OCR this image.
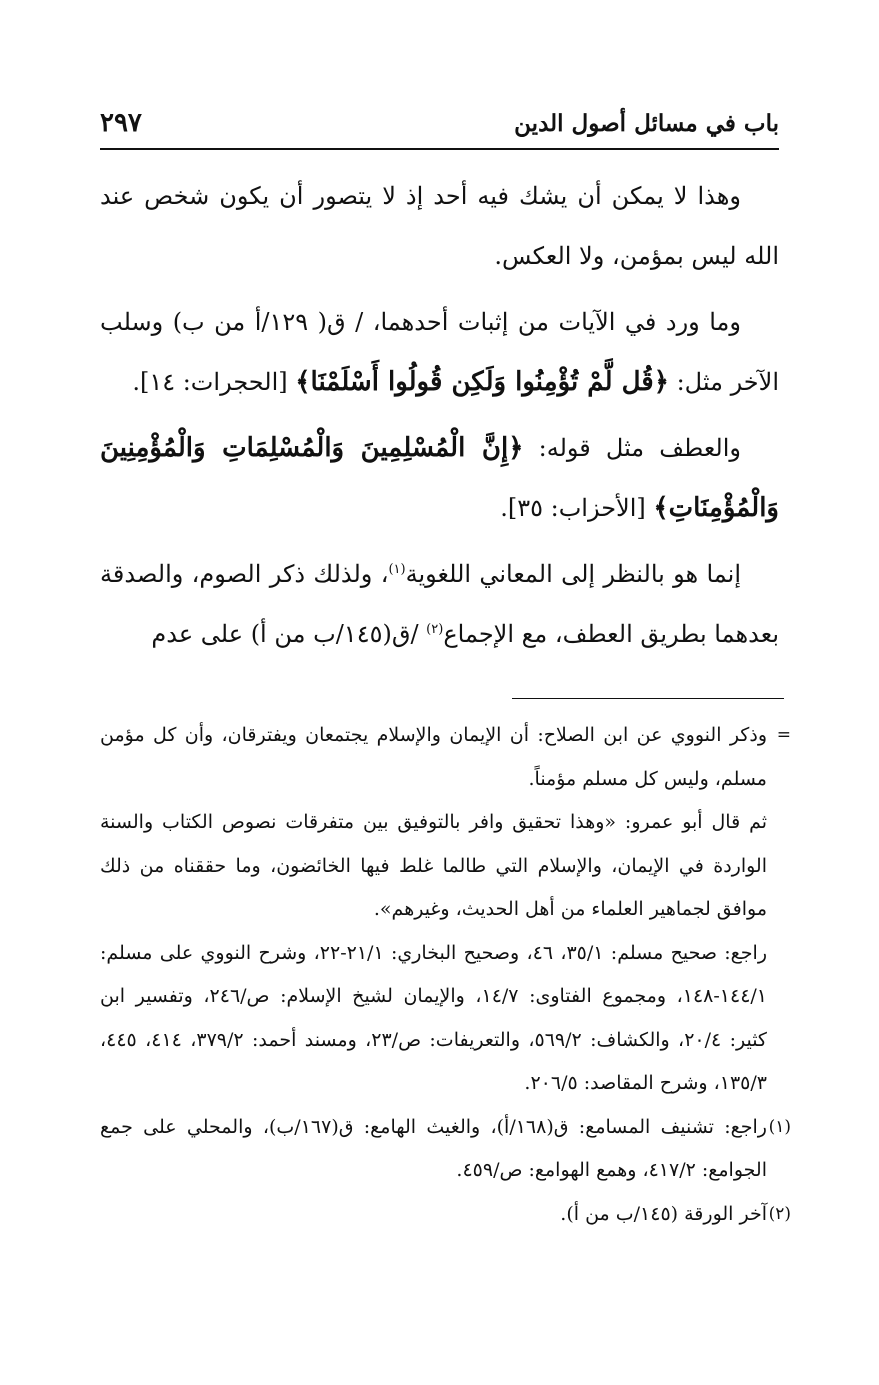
باب في مسائل أصول الدين
٢٩٧

وهذا لا يمكن أن يشك فيه أحد إذ لا يتصور أن يكون شخص عند الله ليس بمؤمن، ولا العكس.

وما ورد في الآيات من إثبات أحدهما، / ق( ١٢٩/أ من ب) وسلب الآخر مثل: ﴿قُل لَّمْ تُؤْمِنُوا وَلَكِن قُولُوا أَسْلَمْنَا﴾ [الحجرات: ١٤].

والعطف مثل قوله: ﴿إِنَّ الْمُسْلِمِينَ وَالْمُسْلِمَاتِ وَالْمُؤْمِنِينَ وَالْمُؤْمِنَاتِ﴾ [الأحزاب: ٣٥].

إنما هو بالنظر إلى المعاني اللغوية$^{(١)}$، ولذلك ذكر الصوم، والصدقة بعدهما بطريق العطف، مع الإجماع$^{(٢)}$ /ق(١٤٥/ب من أ) على عدم

=
وذكر النووي عن ابن الصلاح: أن الإيمان والإسلام يجتمعان ويفترقان، وأن كل مؤمن مسلم، وليس كل مسلم مؤمناً.

ثم قال أبو عمرو: «وهذا تحقيق وافر بالتوفيق بين متفرقات نصوص الكتاب والسنة الواردة في الإيمان، والإسلام التي طالما غلط فيها الخائضون، وما حققناه من ذلك موافق لجماهير العلماء من أهل الحديث، وغيرهم».

راجع: صحيح مسلم: ٣٥/١، ٤٦، وصحيح البخاري: ٢١/١-٢٢، وشرح النووي على مسلم: ١٤٤/١-١٤٨، ومجموع الفتاوى: ١٤/٧، والإيمان لشيخ الإسلام: ص/٢٤٦، وتفسير ابن كثير: ٢٠/٤، والكشاف: ٥٦٩/٢، والتعريفات: ص/٢٣، ومسند أحمد: ٣٧٩/٢، ٤١٤، ٤٤٥، ١٣٥/٣، وشرح المقاصد: ٢٠٦/٥.

(١)
راجع: تشنيف المسامع: ق(١٦٨/أ)، والغيث الهامع: ق(١٦٧/ب)، والمحلي على جمع الجوامع: ٤١٧/٢، وهمع الهوامع: ص/٤٥٩.

(٢)
آخر الورقة (١٤٥/ب من أ).
